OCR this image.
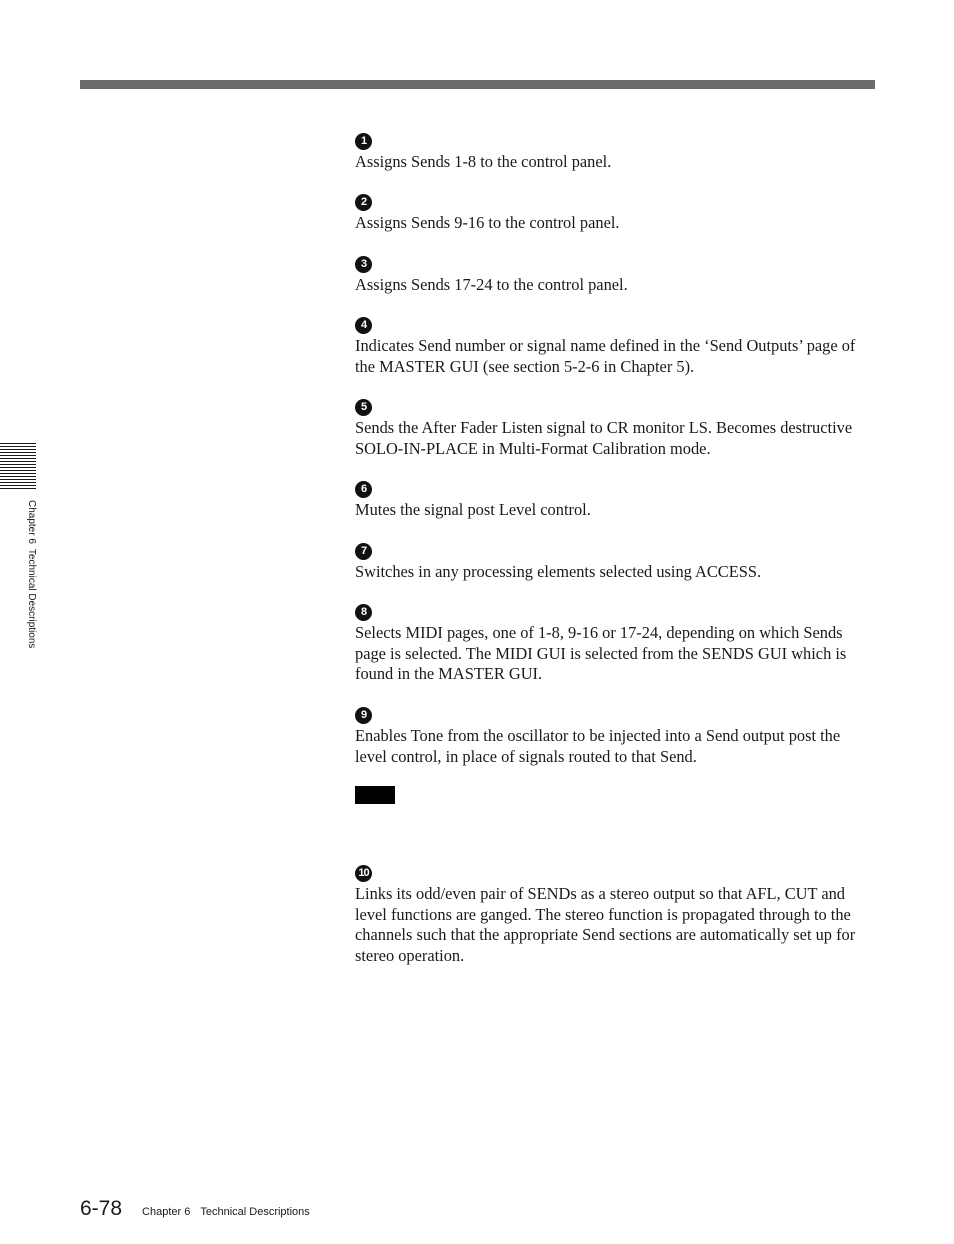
Chapter 6Technical Descriptions
1
Assigns Sends 1-8 to the control panel.
2
Assigns Sends 9-16 to the control panel.
3
Assigns Sends 17-24 to the control panel.
4
Indicates Send number or signal name defined in the ‘Send Outputs’ page of the MASTER GUI (see section 5-2-6 in Chapter 5).
5
Sends the After Fader Listen signal to CR monitor LS. Becomes destructive SOLO-IN-PLACE in Multi-Format Calibration mode.
6
Mutes the signal post Level control.
7
Switches in any processing elements selected using ACCESS.
8
Selects MIDI pages, one of 1-8, 9-16 or 17-24, depending on which Sends page is selected. The MIDI GUI is selected from the SENDS GUI which is found in the MASTER GUI.
9
Enables Tone from the oscillator to be injected into a Send output post the level control, in place of signals routed to that Send.
10
Links its odd/even pair of SENDs as a stereo output so that AFL, CUT and level functions are ganged. The stereo function is propagated through to the channels such that the appropriate Send sections are automatically set up for stereo operation.
6-78 Chapter 6 Technical Descriptions
